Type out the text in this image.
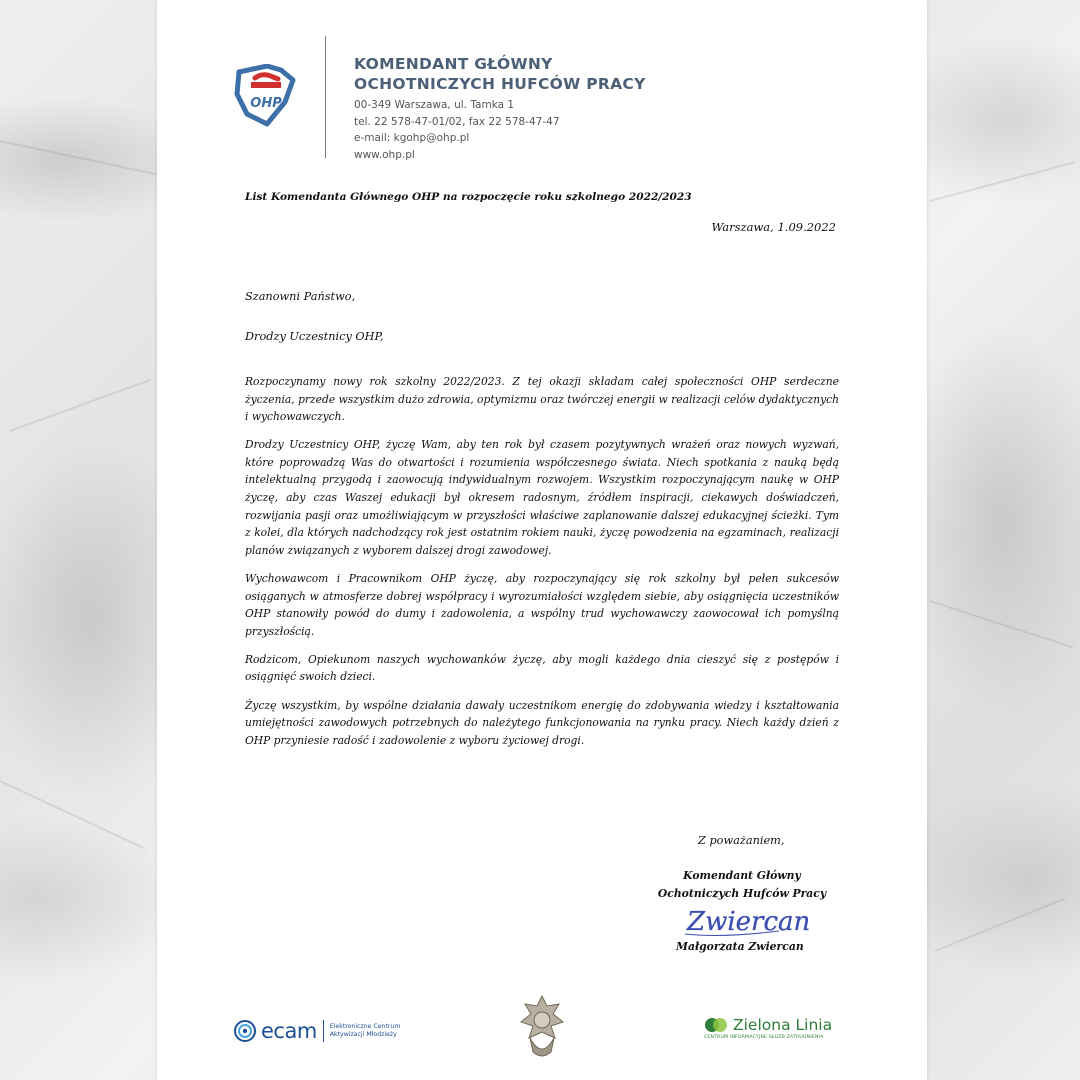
OHP
KOMENDANT GŁÓWNY
OCHOTNICZYCH HUFCÓW PRACY
00-349 Warszawa, ul. Tamka 1
tel. 22 578-47-01/02, fax 22 578-47-47
e-mail: kgohp@ohp.pl
www.ohp.pl
List Komendanta Głównego OHP na rozpoczęcie roku szkolnego 2022/2023
Warszawa, 1.09.2022
Szanowni Państwo,
Drodzy Uczestnicy OHP,

Rozpoczynamy nowy rok szkolny 2022/2023. Z tej okazji składam całej społeczności OHP serdeczne życzenia, przede wszystkim dużo zdrowia, optymizmu oraz twórczej energii w realizacji celów dydaktycznych i wychowawczych.

Drodzy Uczestnicy OHP, życzę Wam, aby ten rok był czasem pozytywnych wrażeń oraz nowych wyzwań, które poprowadzą Was do otwartości i rozumienia współczesnego świata. Niech spotkania z nauką będą intelektualną przygodą i zaowocują indywidualnym rozwojem. Wszystkim rozpoczynającym naukę w OHP życzę, aby czas Waszej edukacji był okresem radosnym, źródłem inspiracji, ciekawych doświadczeń, rozwijania pasji oraz umożliwiającym w przyszłości właściwe zaplanowanie dalszej edukacyjnej ścieżki. Tym z kolei, dla których nadchodzący rok jest ostatnim rokiem nauki, życzę powodzenia na egzaminach, realizacji planów związanych z wyborem dalszej drogi zawodowej.

Wychowawcom i Pracownikom OHP życzę, aby rozpoczynający się rok szkolny był pełen sukcesów osiąganych w atmosferze dobrej współpracy i wyrozumiałości względem siebie, aby osiągnięcia uczestników OHP stanowiły powód do dumy i zadowolenia, a wspólny trud wychowawczy zaowocował ich pomyślną przyszłością.

Rodzicom, Opiekunom naszych wychowanków życzę, aby mogli każdego dnia cieszyć się z postępów i osiągnięć swoich dzieci.

Życzę wszystkim, by wspólne działania dawały uczestnikom energię do zdobywania wiedzy i kształtowania umiejętności zawodowych potrzebnych do należytego funkcjonowania na rynku pracy. Niech każdy dzień z OHP przyniesie radość i zadowolenie z wyboru życiowej drogi.

Z poważaniem,
Komendant Główny
Ochotniczych Hufców Pracy
Zwiercan
Małgorzata Zwiercan
ecam Elektroniczne Centrum
Aktywizacji Młodzieży
Zielona Linia
CENTRUM INFORMACYJNE SŁUŻB ZATRUDNIENIA
